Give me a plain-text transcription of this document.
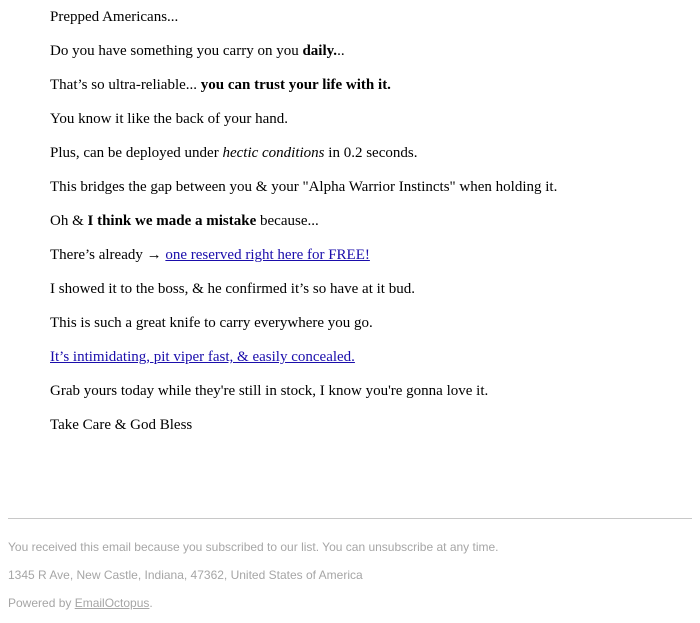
Prepped Americans...

Do you have something you carry on you daily...

That’s so ultra-reliable... you can trust your life with it.

You know it like the back of your hand.

Plus, can be deployed under hectic conditions in 0.2 seconds.

This bridges the gap between you & your "Alpha Warrior Instincts" when holding it.

Oh & I think we made a mistake because...

There’s already → one reserved right here for FREE!

I showed it to the boss, & he confirmed it’s so have at it bud.

This is such a great knife to carry everywhere you go.

It’s intimidating, pit viper fast, & easily concealed.

Grab yours today while they're still in stock, I know you're gonna love it.

Take Care & God Bless

You received this email because you subscribed to our list. You can unsubscribe at any time.

1345 R Ave, New Castle, Indiana, 47362, United States of America

Powered by EmailOctopus.
